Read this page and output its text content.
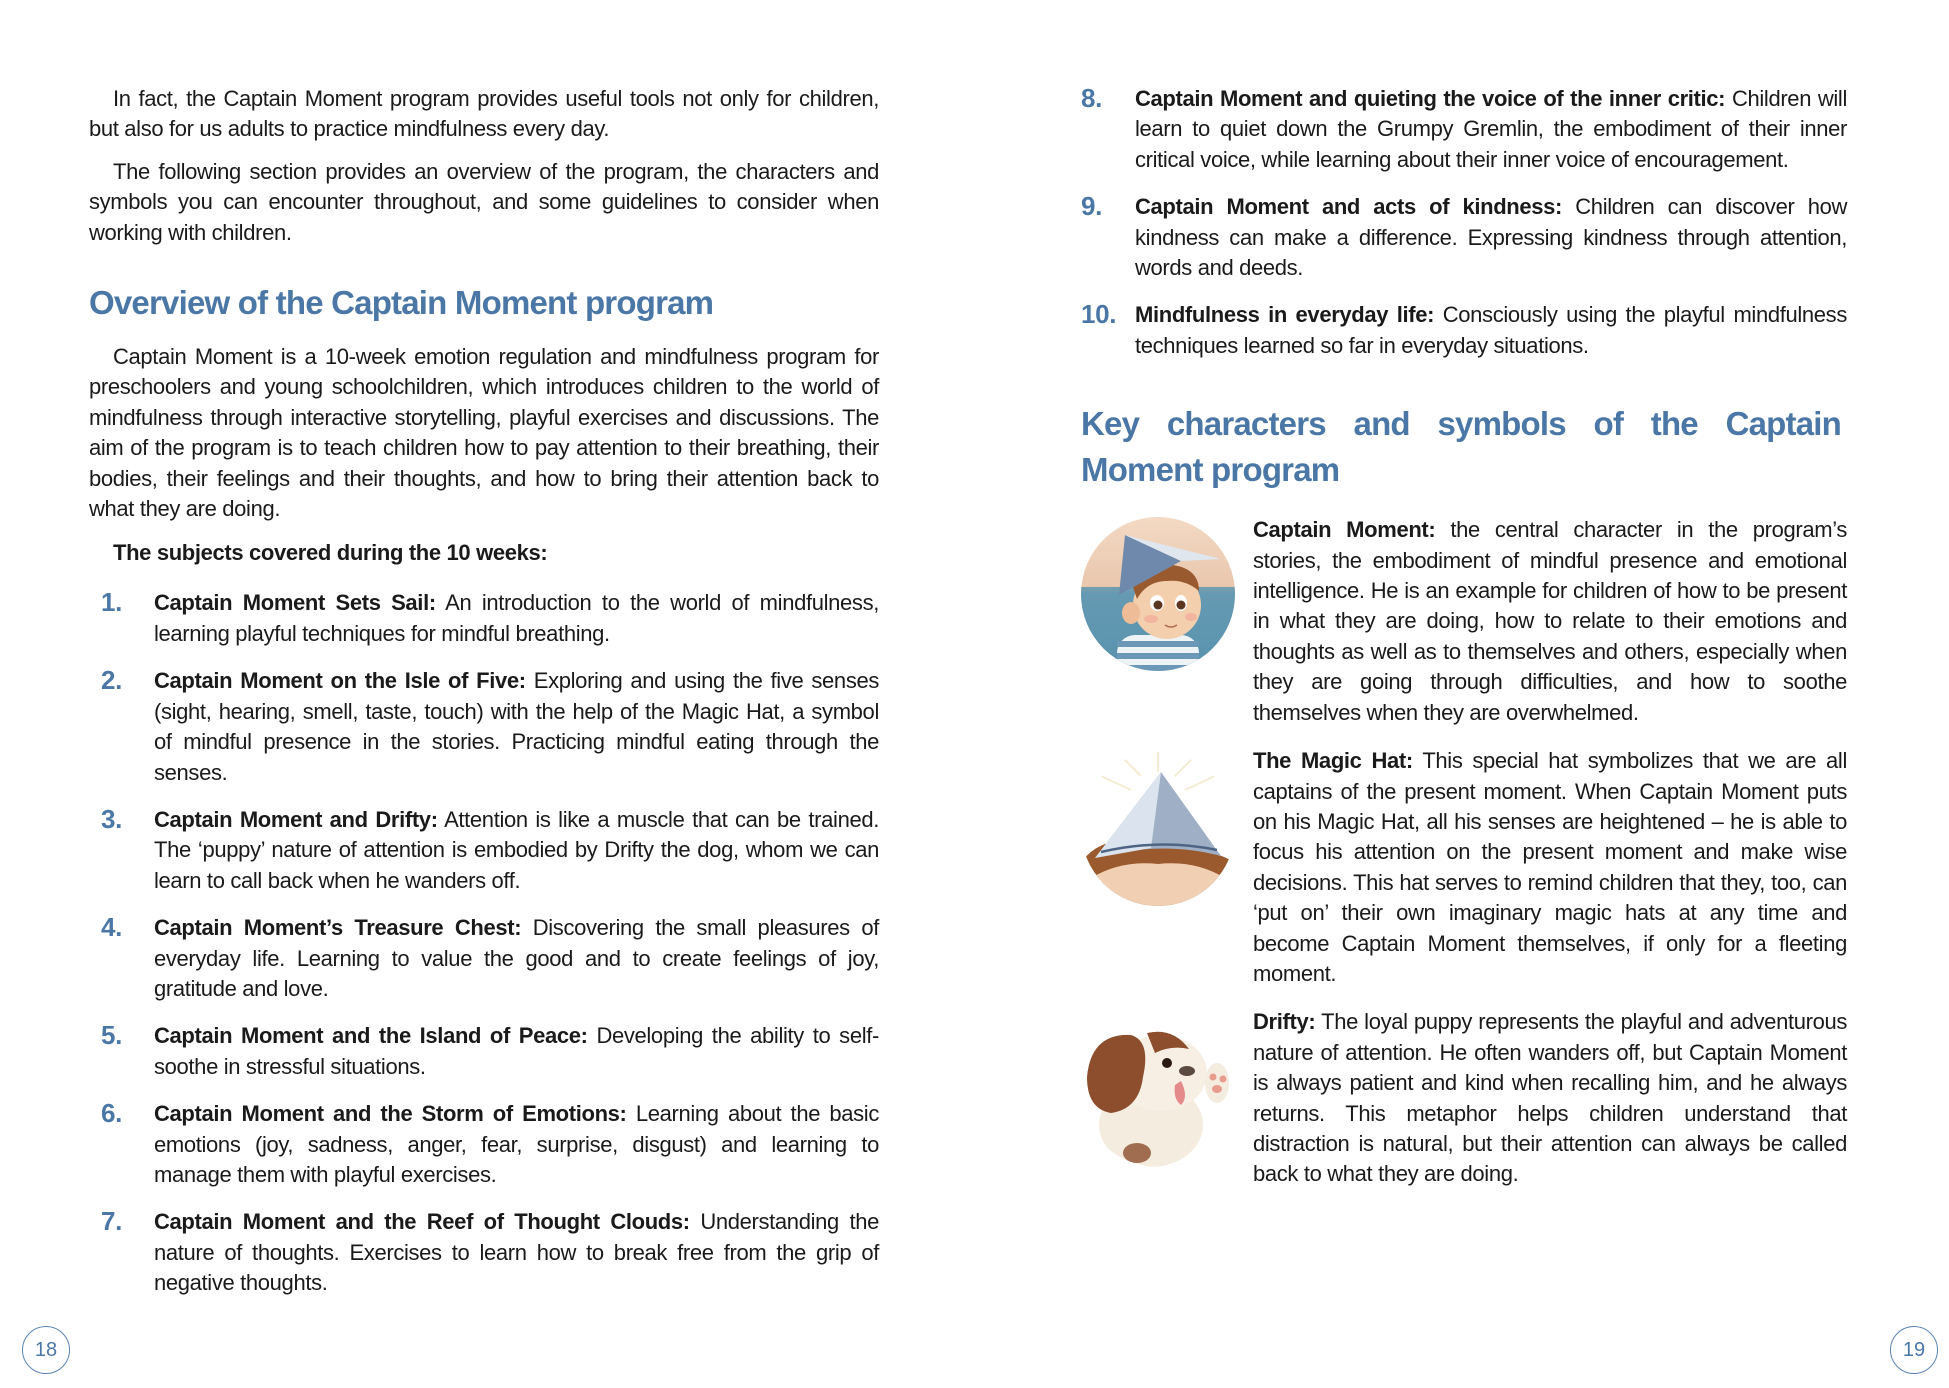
In fact, the Captain Moment program provides useful tools not only for children, but also for us adults to practice mindfulness every day.

The following section provides an overview of the program, the characters and symbols you can encounter throughout, and some guidelines to consider when working with children.

Overview of the Captain Moment program

Captain Moment is a 10-week emotion regulation and mindfulness program for preschoolers and young schoolchildren, which introduces children to the world of mindfulness through interactive storytelling, playful exercises and discussions. The aim of the program is to teach children how to pay attention to their breathing, their bodies, their feelings and their thoughts, and how to bring their attention back to what they are doing.

The subjects covered during the 10 weeks:
1. Captain Moment Sets Sail: An introduction to the world of mindfulness, learning playful techniques for mindful breathing.
2. Captain Moment on the Isle of Five: Exploring and using the five senses (sight, hearing, smell, taste, touch) with the help of the Magic Hat, a symbol of mindful presence in the stories. Practicing mindful eating through the senses.
3. Captain Moment and Drifty: Attention is like a muscle that can be trained. The ‘puppy’ nature of attention is embodied by Drifty the dog, whom we can learn to call back when he wanders off.
4. Captain Moment’s Treasure Chest: Discovering the small pleasures of everyday life. Learning to value the good and to create feelings of joy, gratitude and love.
5. Captain Moment and the Island of Peace: Developing the ability to self-soothe in stressful situations.
6. Captain Moment and the Storm of Emotions: Learning about the basic emotions (joy, sadness, anger, fear, surprise, disgust) and learning to manage them with playful exercises.
7. Captain Moment and the Reef of Thought Clouds: Understanding the nature of thoughts. Exercises to learn how to break free from the grip of negative thoughts.
18
8. Captain Moment and quieting the voice of the inner critic: Children will learn to quiet down the Grumpy Gremlin, the embodiment of their inner critical voice, while learning about their inner voice of encouragement.
9. Captain Moment and acts of kindness: Children can discover how kindness can make a difference. Expressing kindness through attention, words and deeds.
10. Mindfulness in everyday life: Consciously using the playful mindfulness techniques learned so far in everyday situations.
Key characters and symbols of the Captain Moment program
Captain Moment: the central character in the program’s stories, the embodiment of mindful presence and emotional intelligence. He is an example for children of how to be present in what they are doing, how to relate to their emotions and thoughts as well as to themselves and others, especially when they are going through difficulties, and how to soothe themselves when they are overwhelmed.
The Magic Hat: This special hat symbolizes that we are all captains of the present moment. When Captain Moment puts on his Magic Hat, all his senses are heightened – he is able to focus his attention on the present moment and make wise decisions. This hat serves to remind children that they, too, can ‘put on’ their own imaginary magic hats at any time and become Captain Moment themselves, if only for a fleeting moment.
Drifty: The loyal puppy represents the playful and adventurous nature of attention. He often wanders off, but Captain Moment is always patient and kind when recalling him, and he always returns. This metaphor helps children understand that distraction is natural, but their attention can always be called back to what they are doing.
19
